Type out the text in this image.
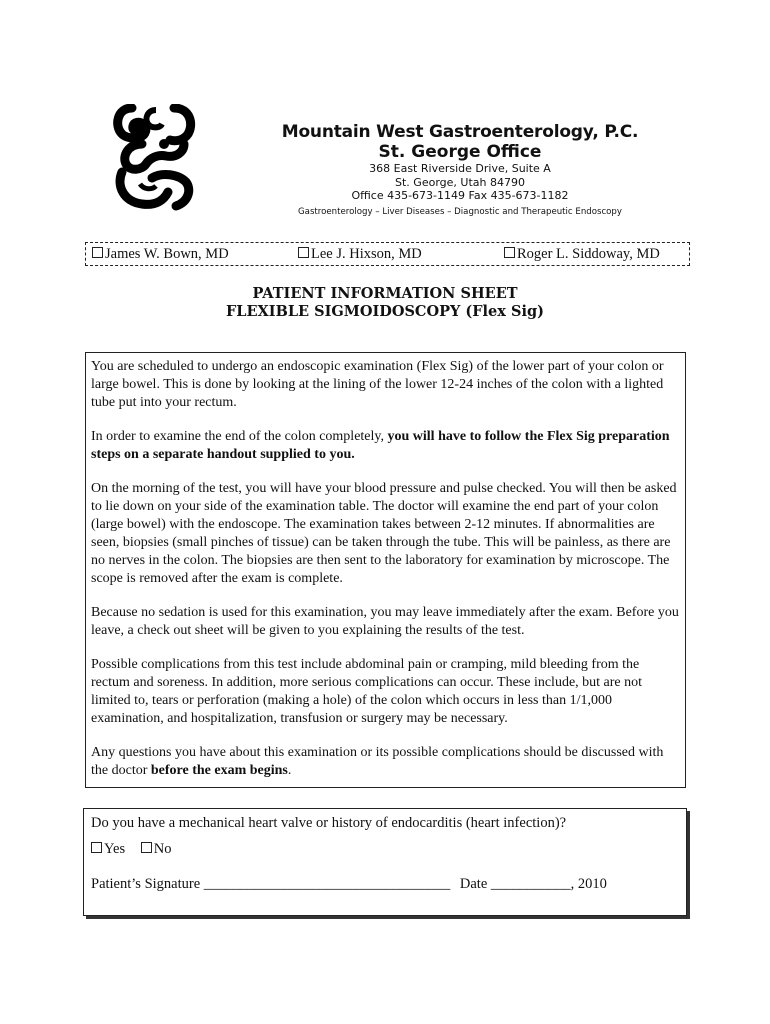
Mountain West Gastroenterology, P.C.
St. George Office
368 East Riverside Drive, Suite A
St. George, Utah 84790
Office 435-673-1149 Fax 435-673-1182
Gastroenterology – Liver Diseases – Diagnostic and Therapeutic Endoscopy
James W. Bown, MD	Lee J. Hixson, MD	Roger L. Siddoway, MD
PATIENT INFORMATION SHEET
FLEXIBLE SIGMOIDOSCOPY (Flex Sig)

You are scheduled to undergo an endoscopic examination (Flex Sig) of the lower part of your colon or large bowel. This is done by looking at the lining of the lower 12-24 inches of the colon with a lighted tube put into your rectum.

In order to examine the end of the colon completely, you will have to follow the Flex Sig preparation steps on a separate handout supplied to you.

On the morning of the test, you will have your blood pressure and pulse checked. You will then be asked to lie down on your side of the examination table. The doctor will examine the end part of your colon (large bowel) with the endoscope. The examination takes between 2-12 minutes. If abnormalities are seen, biopsies (small pinches of tissue) can be taken through the tube. This will be painless, as there are no nerves in the colon. The biopsies are then sent to the laboratory for examination by microscope. The scope is removed after the exam is complete.

Because no sedation is used for this examination, you may leave immediately after the exam. Before you leave, a check out sheet will be given to you explaining the results of the test.

Possible complications from this test include abdominal pain or cramping, mild bleeding from the rectum and soreness. In addition, more serious complications can occur. These include, but are not limited to, tears or perforation (making a hole) of the colon which occurs in less than 1/1,000 examination, and hospitalization, transfusion or surgery may be necessary.

Any questions you have about this examination or its possible complications should be discussed with the doctor before the exam begins.

Do you have a mechanical heart valve or history of endocarditis (heart infection)?
Yes No
Patient’s Signature __________________________________ Date ___________, 2010
